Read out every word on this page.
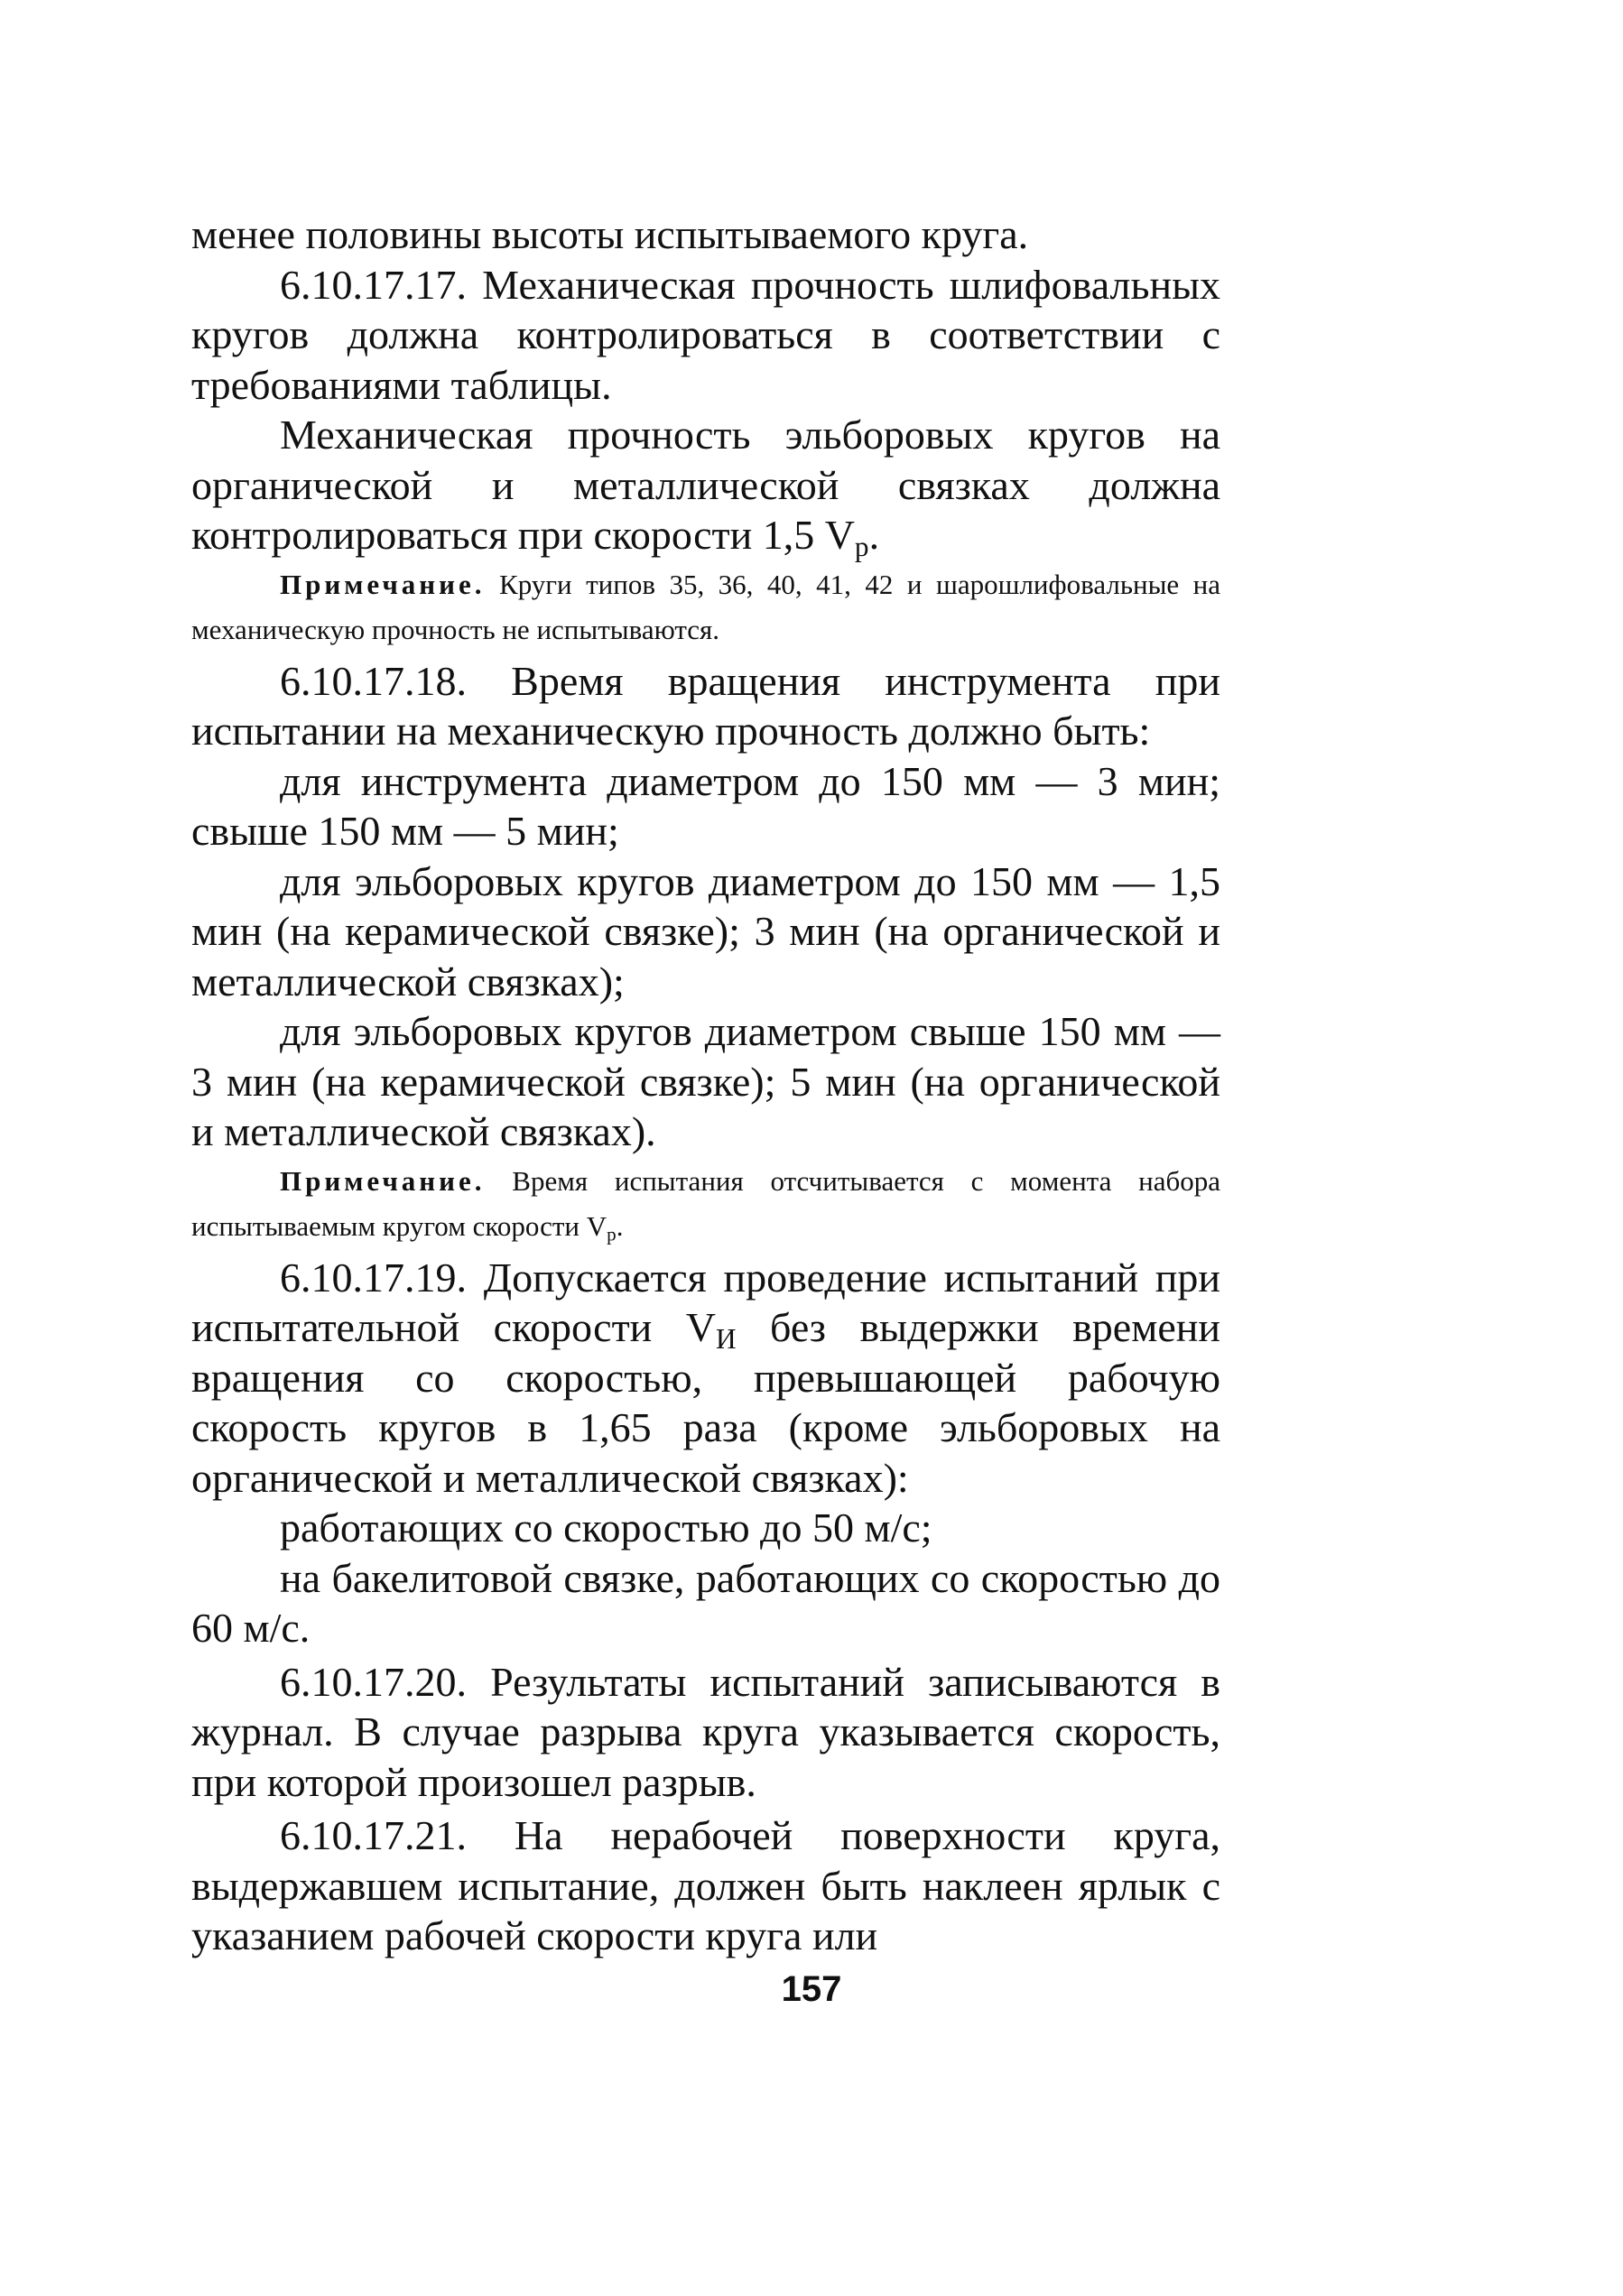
менее половины высоты испытываемого круга.

6.10.17.17. Механическая прочность шлифовальных кругов должна контролироваться в соответствии с требованиями таблицы.

Механическая прочность эльборовых кругов на органической и металлической связках должна контролироваться при скорости 1,5 $V_р$.

Примечание. Круги типов 35, 36, 40, 41, 42 и шарошлифовальные на механическую прочность не испытываются.

6.10.17.18. Время вращения инструмента при испытании на механическую прочность должно быть:

для инструмента диаметром до 150 мм — 3 мин; свыше 150 мм — 5 мин;

для эльборовых кругов диаметром до 150 мм — 1,5 мин (на керамической связке); 3 мин (на органической и металлической связках);

для эльборовых кругов диаметром свыше 150 мм — 3 мин (на керамической связке); 5 мин (на органической и металлической связках).

Примечание. Время испытания отсчитывается с момента набора испытываемым кругом скорости $V_р$.

6.10.17.19. Допускается проведение испытаний при испытательной скорости $V_И$ без выдержки времени вращения со скоростью, превышающей рабочую скорость кругов в 1,65 раза (кроме эльборовых на органической и металлической связках):

работающих со скоростью до 50 м/с;

на бакелитовой связке, работающих со скоростью до 60 м/с.

6.10.17.20. Результаты испытаний записываются в журнал. В случае разрыва круга указывается скорость, при которой произошел разрыв.

6.10.17.21. На нерабочей поверхности круга, выдержавшем испытание, должен быть наклеен ярлык с указанием рабочей скорости круга или

157
